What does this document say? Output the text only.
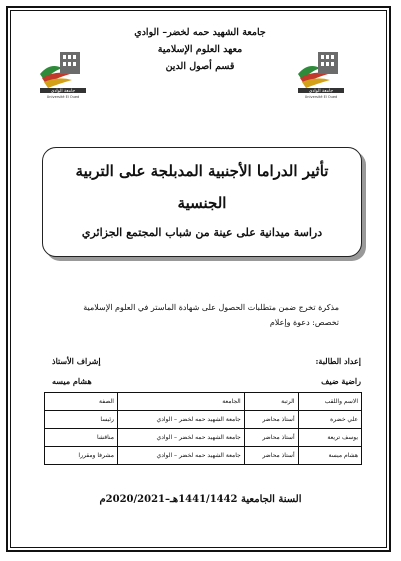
جامعة الوادي
Université El Oued
جامعة الوادي
Université El Oued
جامعة الشهيد حمه لخضر– الوادي
معهد العلوم الإسلامية
قسم أصول الدين
تأثير الدراما الأجنبية المدبلجة على التربية
الجنسية
دراسة ميدانية على عينة من شباب المجتمع الجزائري
مذكرة تخرج ضمن متطلبات الحصول على شهادة الماستر في العلوم الإسلامية
تخصص: دعوة وإعلام
إعداد الطالبة:
راضية ضيف
إشراف الأستاذ
هشام ميسه
الاسم واللقب	الرتبة	الجامعة	الصفة
علي خضرة	أستاذ محاضر	جامعة الشهيد حمه لخضر – الوادي	رئيسا
يوسف تريعة	أستاذ محاضر	جامعة الشهيد حمه لخضر – الوادي	مناقشا
هشام ميسة	أستاذ محاضر	جامعة الشهيد حمه لخضر – الوادي	مشرفا ومقررا
السنة الجامعية 1441/1442هـ–2020/2021م
